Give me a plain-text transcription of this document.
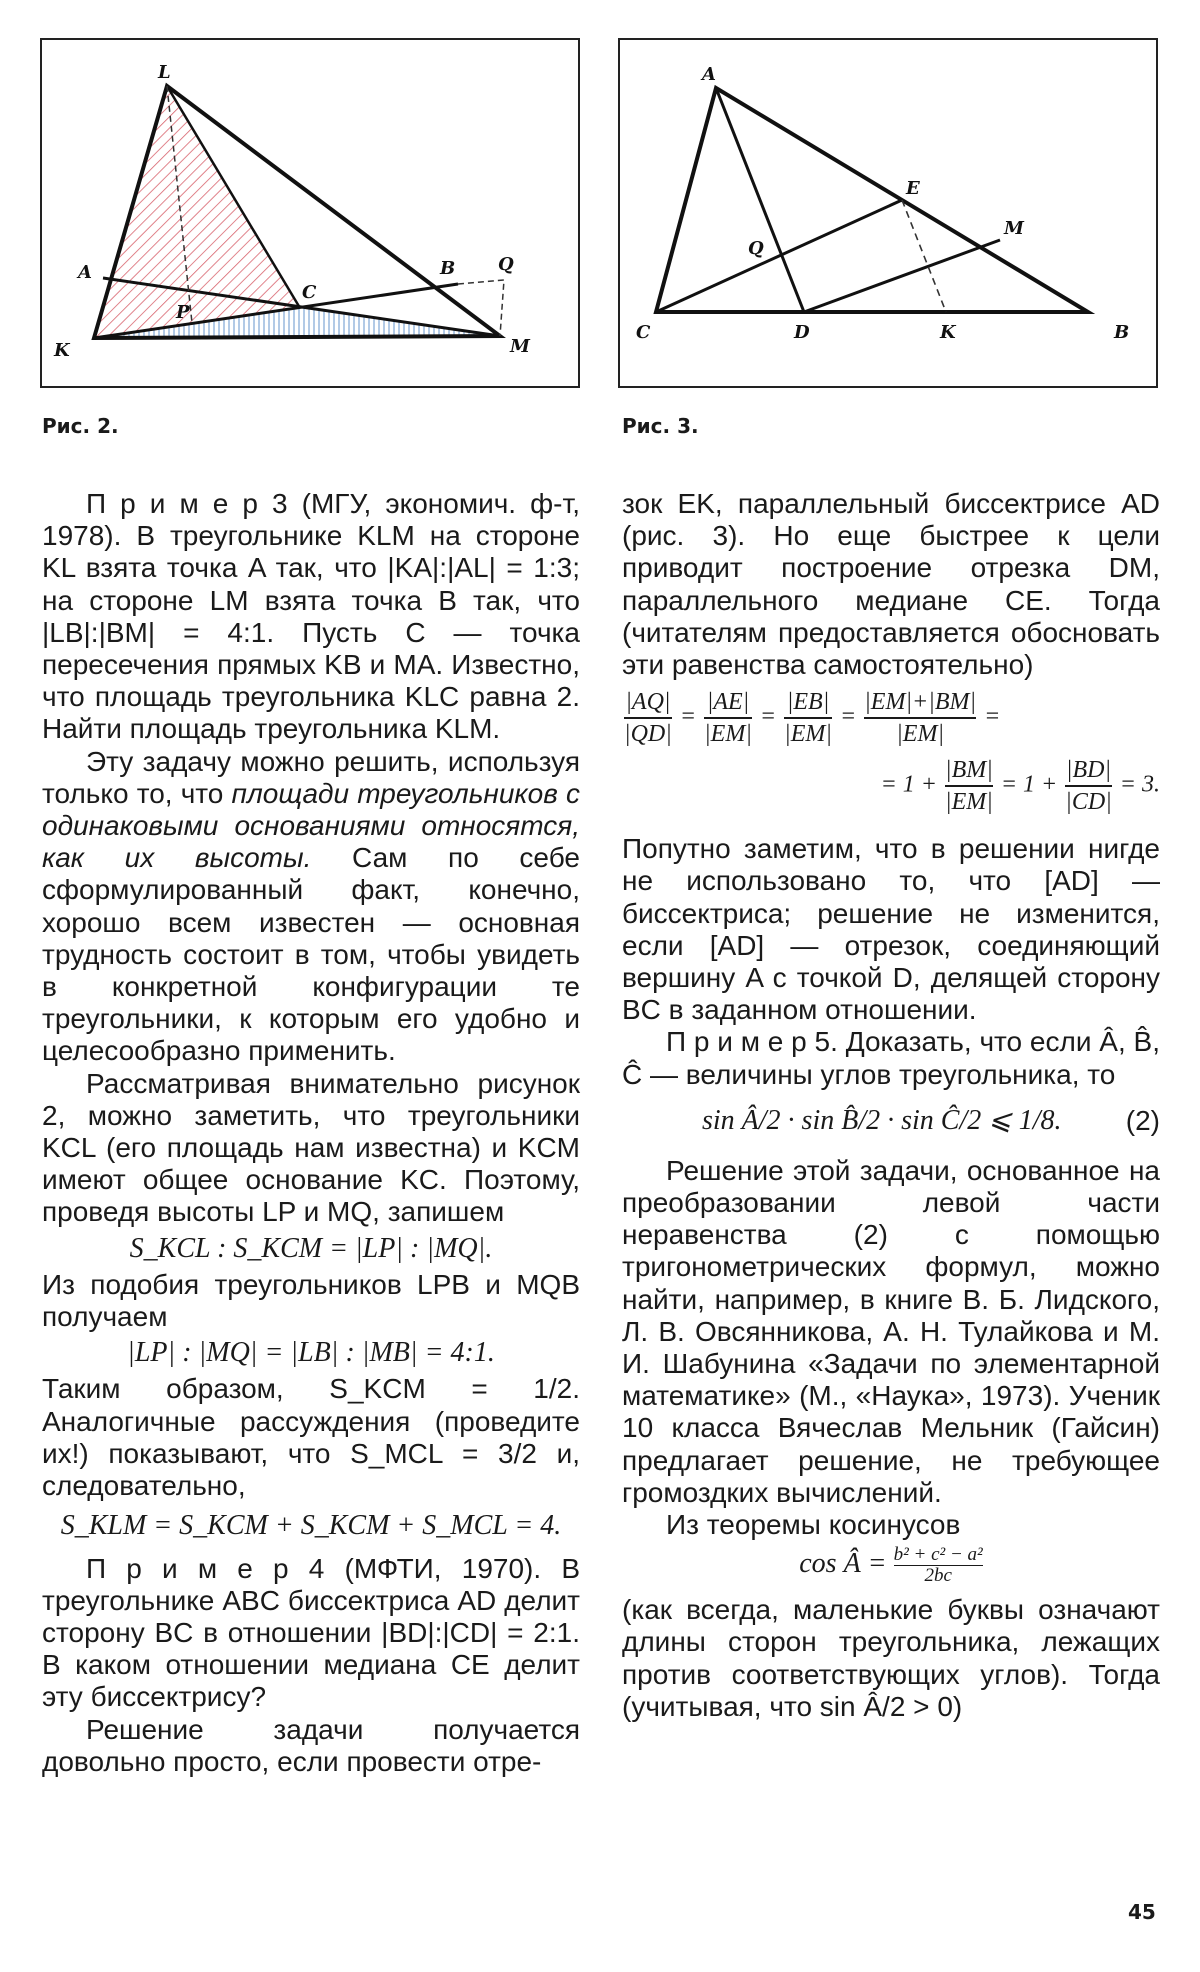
L
A
P
C
B Q
K	M
Рис. 2.
A
E
M
Q
C	D	K	B
Рис. 3.

П р и м е р 3 (МГУ, экономич. ф-т, 1978). В треугольнике KLM на стороне KL взята точка A так, что |KA|:|AL| = 1:3; на стороне LM взята точка B так, что |LB|:|BM| = 4:1. Пусть C — точка пересечения прямых KB и MA. Известно, что площадь треугольника KLC равна 2. Найти площадь треугольника KLM.

Эту задачу можно решить, используя только то, что площади треугольников с одинаковыми основаниями относятся, как их высоты. Сам по себе сформулированный факт, конечно, хорошо всем известен — основная трудность состоит в том, чтобы увидеть в конкретной конфигурации те треугольники, к которым его удобно и целесообразно применить.

Рассматривая внимательно рисунок 2, можно заметить, что треугольники KCL (его площадь нам известна) и KCM имеют общее основание KC. Поэтому, проведя высоты LP и MQ, запишем

S_KCL : S_KCM = |LP| : |MQ|.

Из подобия треугольников LPB и MQB получаем

|LP| : |MQ| = |LB| : |MB| = 4:1.

Таким образом, S_KCM = 1/2. Аналогичные рассуждения (проведите их!) показывают, что S_MCL = 3/2 и, следовательно,

S_KLM = S_KCM + S_KCM + S_MCL = 4.

П р и м е р 4 (МФТИ, 1970). В треугольнике ABC биссектриса AD делит сторону BC в отношении |BD|:|CD| = 2:1. В каком отношении медиана CE делит эту биссектрису?

Решение задачи получается довольно просто, если провести отре-

зок EK, параллельный биссектрисе AD (рис. 3). Но еще быстрее к цели приводит построение отрезка DM, параллельного медиане CE. Тогда (читателям предоставляется обосновать эти равенства самостоятельно)

$\frac{|AQ|}{|QD|} = \frac{|AE|}{|EM|} = \frac{|EB|}{|EM|} = \frac{|EM|+|BM|}{|EM|}$ =
= $1 + \frac{|BM|}{|EM|} = 1 + \frac{|BD|}{|CD|} = 3$.

Попутно заметим, что в решении нигде не использовано то, что [AD] — биссектриса; решение не изменится, если [AD] — отрезок, соединяющий вершину A с точкой D, делящей сторону BC в заданном отношении.

П р и м е р 5. Доказать, что если Â, B̂, Ĉ — величины углов треугольника, то

sin Â/2 · sin B̂/2 · sin Ĉ/2 ⩽ 1/8. (2)

Решение этой задачи, основанное на преобразовании левой части неравенства (2) с помощью тригонометрических формул, можно найти, например, в книге В. Б. Лидского, Л. В. Овсянникова, А. Н. Тулайкова и М. И. Шабунина «Задачи по элементарной математике» (М., «Наука», 1973). Ученик 10 класса Вячеслав Мельник (Гайсин) предлагает решение, не требующее громоздких вычислений.

Из теоремы косинусов

cos Â = $\frac{\text{b² + c² − a²}}{2bc}$

(как всегда, маленькие буквы означают длины сторон треугольника, лежащих против соответствующих углов). Тогда (учитывая, что sin Â/2 > 0)

45
